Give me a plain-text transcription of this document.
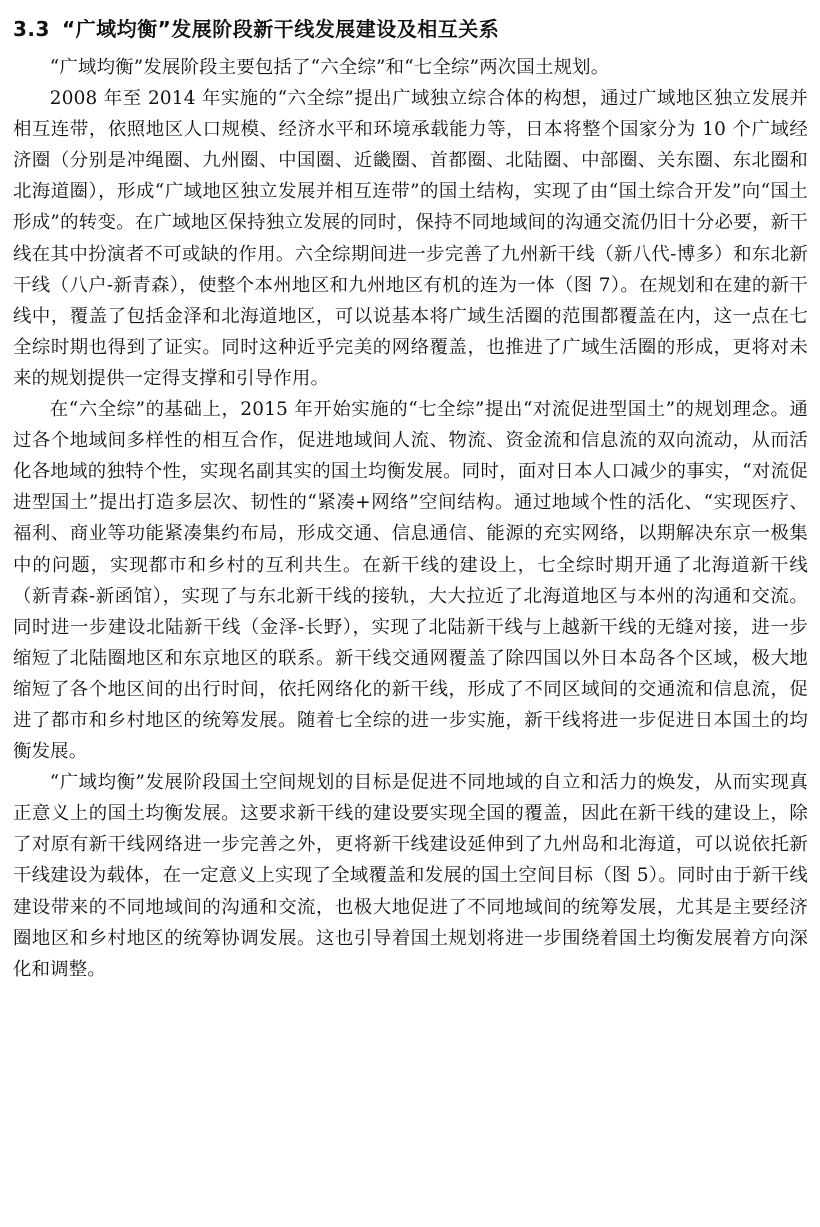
3.3 “广域均衡”发展阶段新干线发展建设及相互关系

“广域均衡”发展阶段主要包括了“六全综”和“七全综”两次国土规划。

2008 年至 2014 年实施的“六全综”提出广域独立综合体的构想，通过广域地区独立发展并相互连带，依照地区人口规模、经济水平和环境承载能力等，日本将整个国家分为 10 个广域经济圈（分别是冲绳圈、九州圈、中国圈、近畿圈、首都圈、北陆圈、中部圈、关东圈、东北圈和北海道圈），形成“广域地区独立发展并相互连带”的国土结构，实现了由“国土综合开发”向“国土形成”的转变。在广域地区保持独立发展的同时，保持不同地域间的沟通交流仍旧十分必要，新干线在其中扮演者不可或缺的作用。六全综期间进一步完善了九州新干线（新八代-博多）和东北新干线（八户-新青森），使整个本州地区和九州地区有机的连为一体（图 7）。在规划和在建的新干线中，覆盖了包括金泽和北海道地区，可以说基本将广域生活圈的范围都覆盖在内，这一点在七全综时期也得到了证实。同时这种近乎完美的网络覆盖，也推进了广域生活圈的形成，更将对未来的规划提供一定得支撑和引导作用。

在“六全综”的基础上，2015 年开始实施的“七全综”提出“对流促进型国土”的规划理念。通过各个地域间多样性的相互合作，促进地域间人流、物流、资金流和信息流的双向流动，从而活化各地域的独特个性，实现名副其实的国土均衡发展。同时，面对日本人口减少的事实，“对流促进型国土”提出打造多层次、韧性的“紧凑+网络”空间结构。通过地域个性的活化、“实现医疗、福利、商业等功能紧凑集约布局，形成交通、信息通信、能源的充实网络，以期解决东京一极集中的问题，实现都市和乡村的互利共生。在新干线的建设上，七全综时期开通了北海道新干线（新青森-新函馆），实现了与东北新干线的接轨，大大拉近了北海道地区与本州的沟通和交流。同时进一步建设北陆新干线（金泽-长野），实现了北陆新干线与上越新干线的无缝对接，进一步缩短了北陆圈地区和东京地区的联系。新干线交通网覆盖了除四国以外日本岛各个区域，极大地缩短了各个地区间的出行时间，依托网络化的新干线，形成了不同区域间的交通流和信息流，促进了都市和乡村地区的统筹发展。随着七全综的进一步实施，新干线将进一步促进日本国土的均衡发展。

“广域均衡”发展阶段国土空间规划的目标是促进不同地域的自立和活力的焕发，从而实现真正意义上的国土均衡发展。这要求新干线的建设要实现全国的覆盖，因此在新干线的建设上，除了对原有新干线网络进一步完善之外，更将新干线建设延伸到了九州岛和北海道，可以说依托新干线建设为载体，在一定意义上实现了全域覆盖和发展的国土空间目标（图 5）。同时由于新干线建设带来的不同地域间的沟通和交流，也极大地促进了不同地域间的统筹发展，尤其是主要经济圈地区和乡村地区的统筹协调发展。这也引导着国土规划将进一步围绕着国土均衡发展着方向深化和调整。
